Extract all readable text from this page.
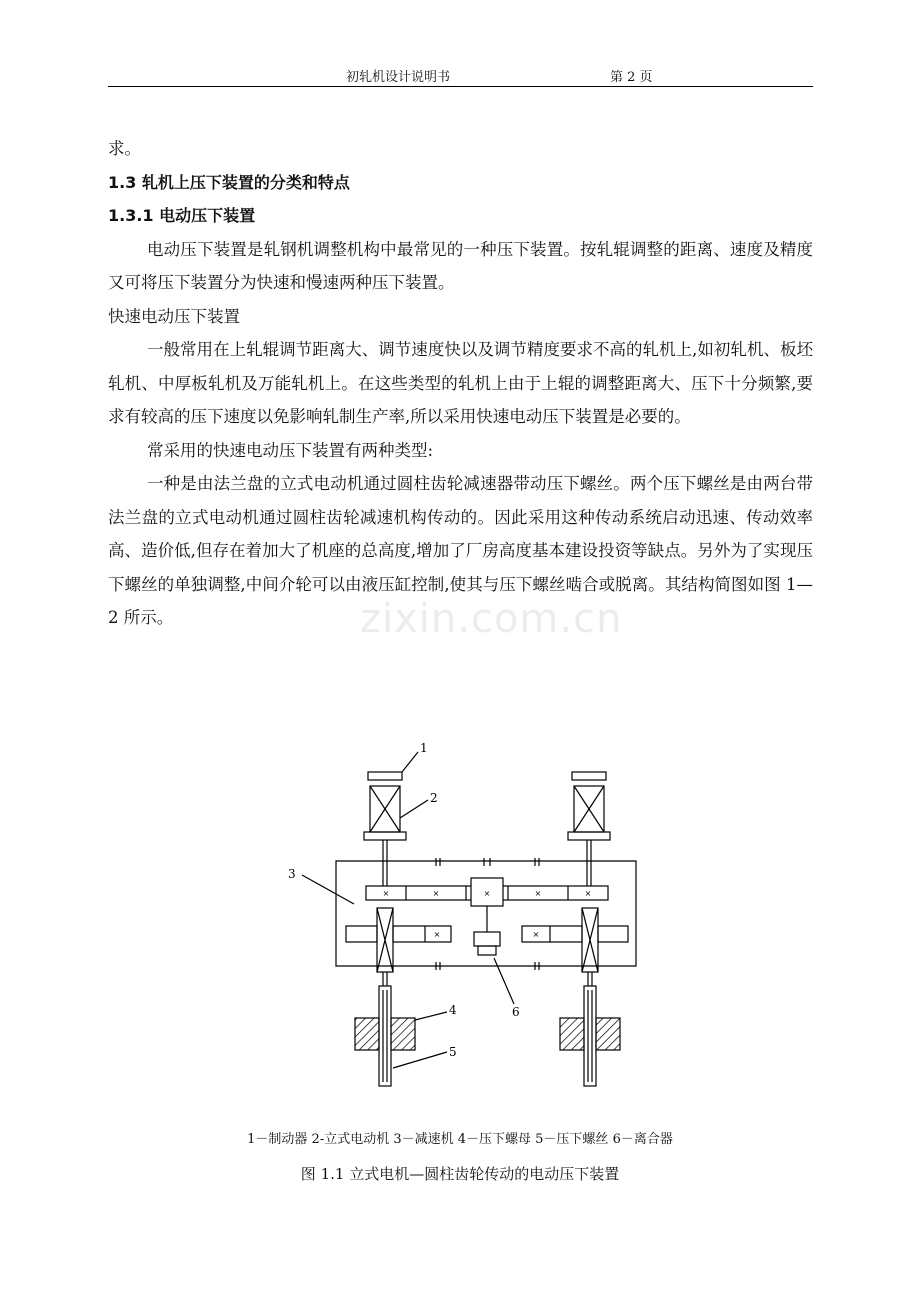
初轧机设计说明书	第 2 页

求。

1.3 轧机上压下装置的分类和特点

1.3.1 电动压下装置

电动压下装置是轧钢机调整机构中最常见的一种压下装置。按轧辊调整的距离、速度及精度又可将压下装置分为快速和慢速两种压下装置。

快速电动压下装置

一般常用在上轧辊调节距离大、调节速度快以及调节精度要求不高的轧机上,如初轧机、板坯轧机、中厚板轧机及万能轧机上。在这些类型的轧机上由于上辊的调整距离大、压下十分频繁,要求有较高的压下速度以免影响轧制生产率,所以采用快速电动压下装置是必要的。

常采用的快速电动压下装置有两种类型:

一种是由法兰盘的立式电动机通过圆柱齿轮减速器带动压下螺丝。两个压下螺丝是由两台带法兰盘的立式电动机通过圆柱齿轮减速机构传动的。因此采用这种传动系统启动迅速、传动效率高、造价低,但存在着加大了机座的总高度,增加了厂房高度基本建设投资等缺点。另外为了实现压下螺丝的单独调整,中间介轮可以由液压缸控制,使其与压下螺丝啮合或脱离。其结构简图如图 1—2 所示。	zixin.com.cn
1
2
3
4
5
6
×	×	×	×	×
×	×
1－制动器 2-立式电动机 3－减速机 4－压下螺母 5－压下螺丝 6－离合器
图 1.1 立式电机—圆柱齿轮传动的电动压下装置
